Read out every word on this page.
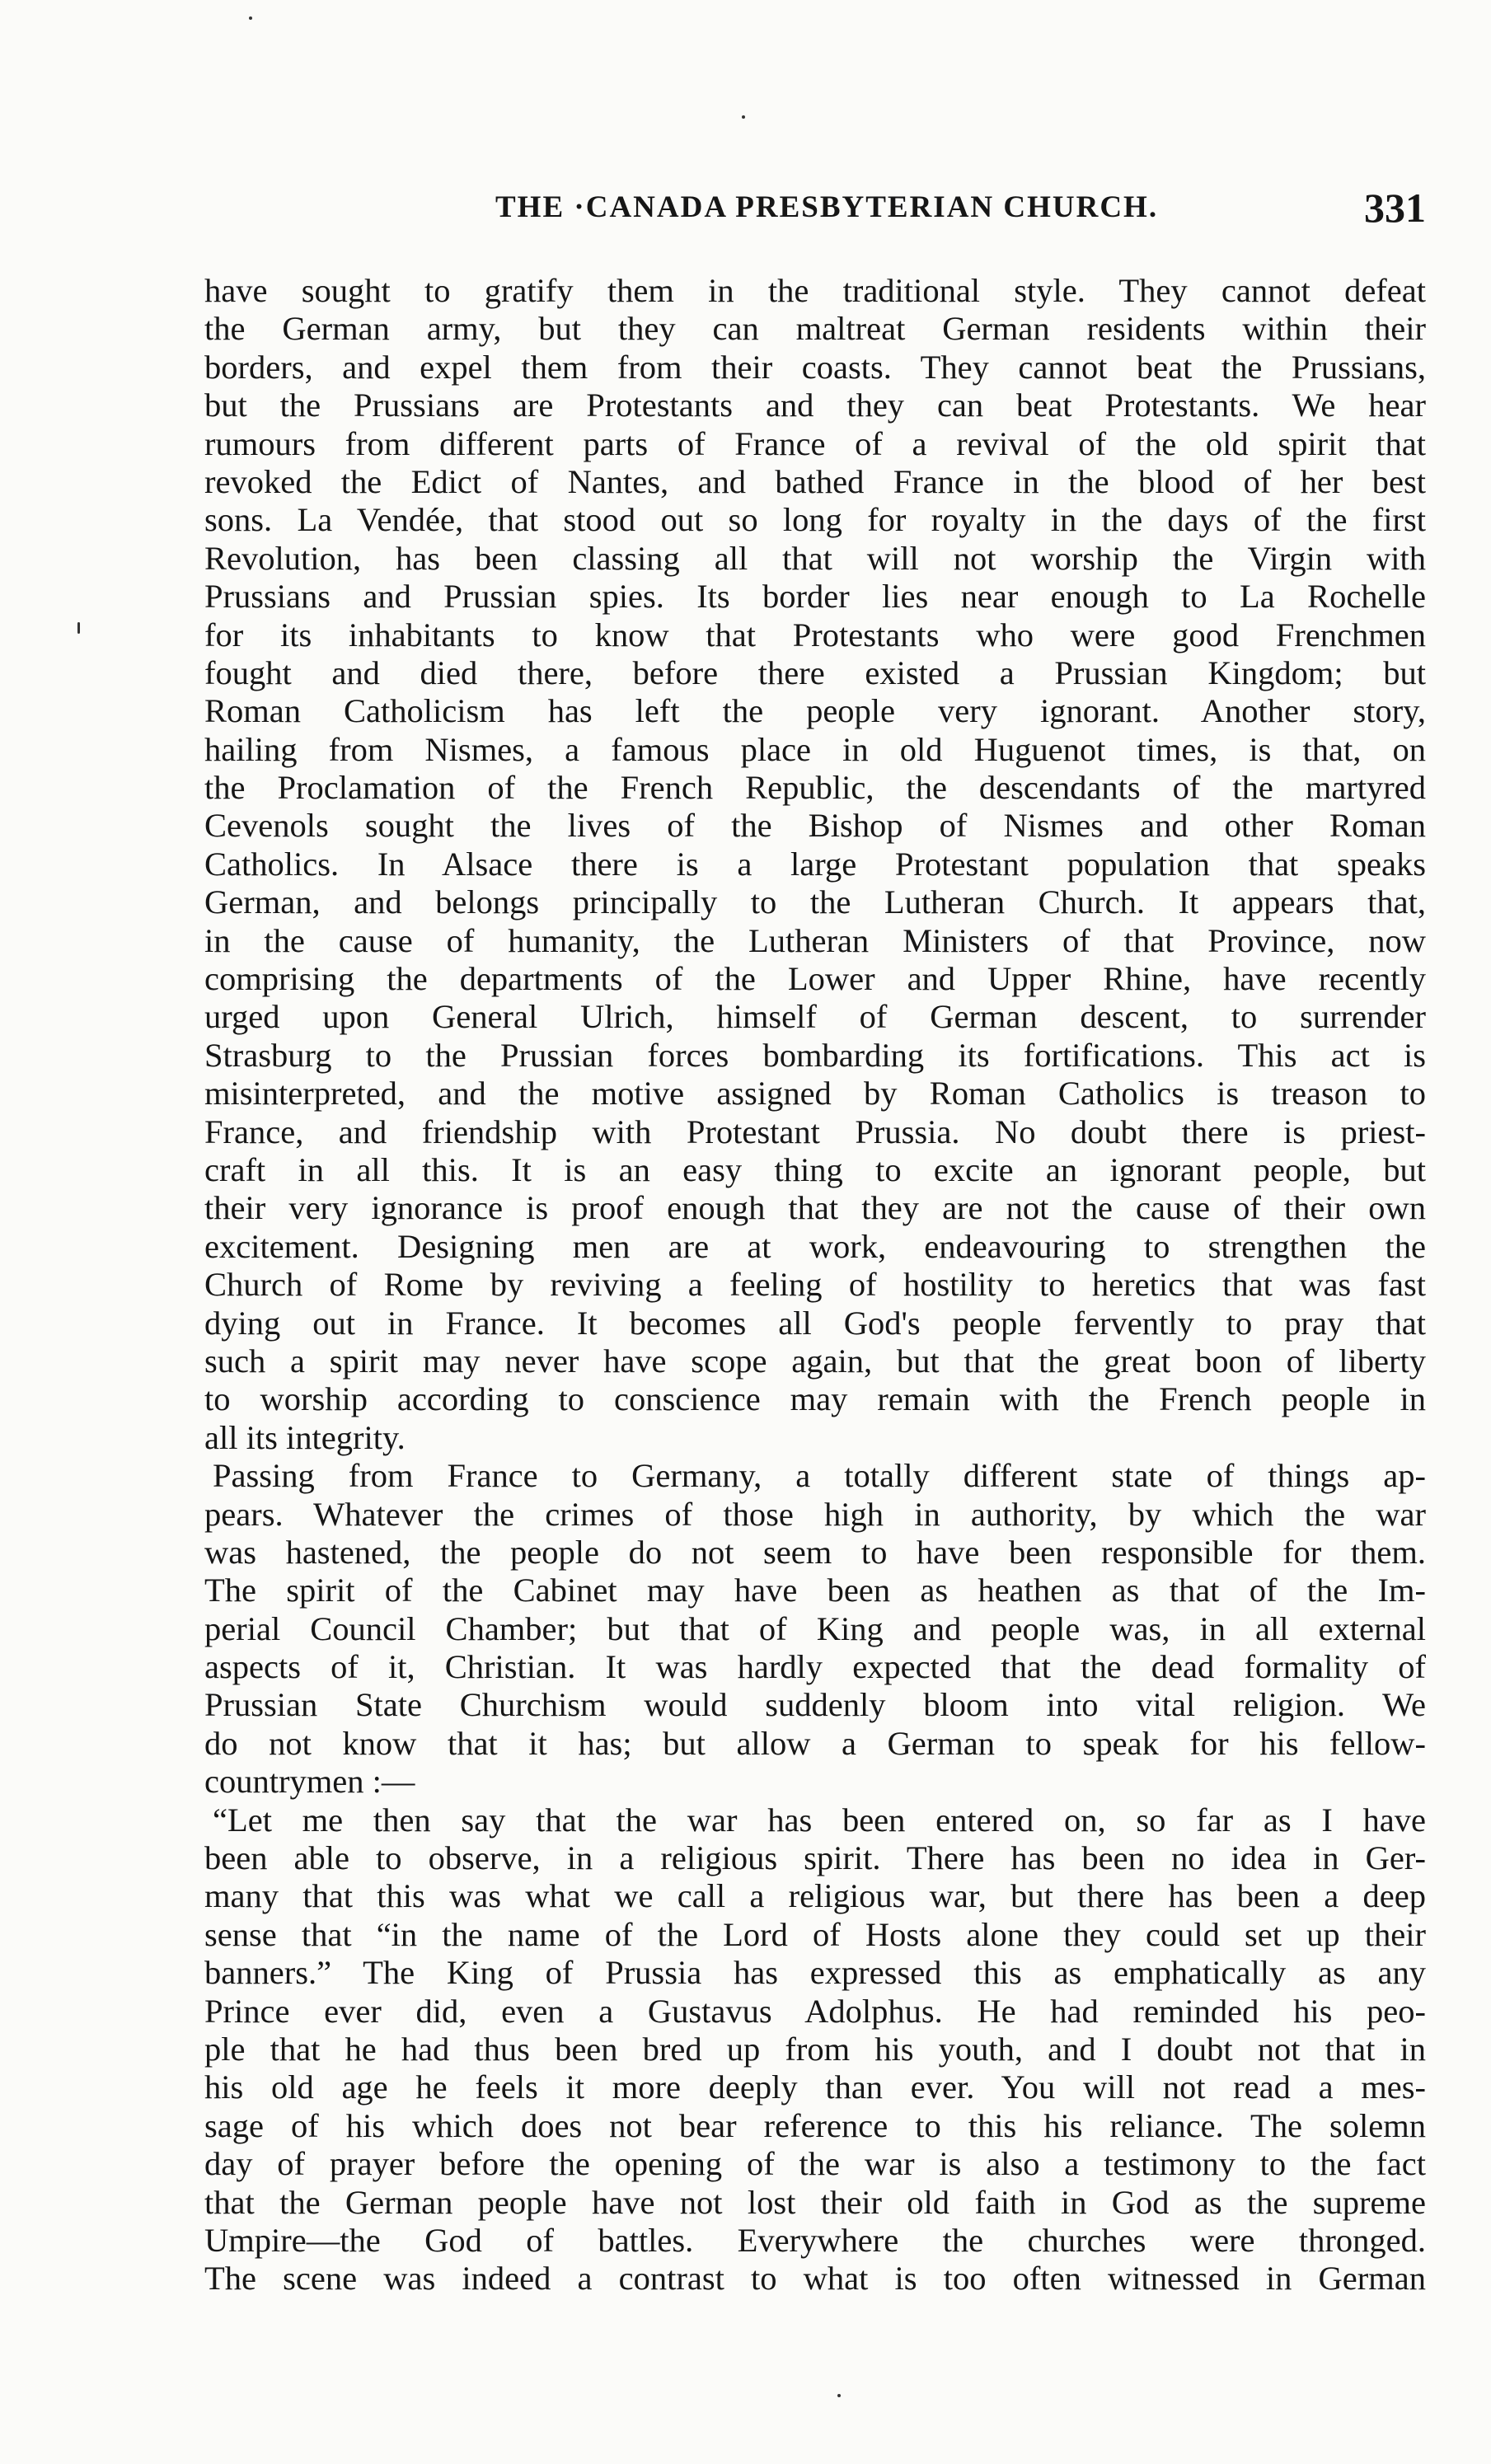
THE ·CANADA PRESBYTERIAN CHURCH.	331
have sought to gratify them in the traditional style. They cannot defeat
the German army, but they can maltreat German residents within their
borders, and expel them from their coasts. They cannot beat the Prussians,
but the Prussians are Protestants and they can beat Protestants. We hear
rumours from different parts of France of a revival of the old spirit that
revoked the Edict of Nantes, and bathed France in the blood of her best
sons. La Vendée, that stood out so long for royalty in the days of the first
Revolution, has been classing all that will not worship the Virgin with
Prussians and Prussian spies. Its border lies near enough to La Rochelle
for its inhabitants to know that Protestants who were good Frenchmen
fought and died there, before there existed a Prussian Kingdom; but
Roman Catholicism has left the people very ignorant. Another story,
hailing from Nismes, a famous place in old Huguenot times, is that, on
the Proclamation of the French Republic, the descendants of the martyred
Cevenols sought the lives of the Bishop of Nismes and other Roman
Catholics. In Alsace there is a large Protestant population that speaks
German, and belongs principally to the Lutheran Church. It appears that,
in the cause of humanity, the Lutheran Ministers of that Province, now
comprising the departments of the Lower and Upper Rhine, have recently
urged upon General Ulrich, himself of German descent, to surrender
Strasburg to the Prussian forces bombarding its fortifications. This act is
misinterpreted, and the motive assigned by Roman Catholics is treason to
France, and friendship with Protestant Prussia. No doubt there is priest-
craft in all this. It is an easy thing to excite an ignorant people, but
their very ignorance is proof enough that they are not the cause of their own
excitement. Designing men are at work, endeavouring to strengthen the
Church of Rome by reviving a feeling of hostility to heretics that was fast
dying out in France. It becomes all God's people fervently to pray that
such a spirit may never have scope again, but that the great boon of liberty
to worship according to conscience may remain with the French people in
all its integrity.
Passing from France to Germany, a totally different state of things ap-
pears. Whatever the crimes of those high in authority, by which the war
was hastened, the people do not seem to have been responsible for them.
The spirit of the Cabinet may have been as heathen as that of the Im-
perial Council Chamber; but that of King and people was, in all external
aspects of it, Christian. It was hardly expected that the dead formality of
Prussian State Churchism would suddenly bloom into vital religion. We
do not know that it has; but allow a German to speak for his fellow-
countrymen :—
“Let me then say that the war has been entered on, so far as I have
been able to observe, in a religious spirit. There has been no idea in Ger-
many that this was what we call a religious war, but there has been a deep
sense that “in the name of the Lord of Hosts alone they could set up their
banners.” The King of Prussia has expressed this as emphatically as any
Prince ever did, even a Gustavus Adolphus. He had reminded his peo-
ple that he had thus been bred up from his youth, and I doubt not that in
his old age he feels it more deeply than ever. You will not read a mes-
sage of his which does not bear reference to this his reliance. The solemn
day of prayer before the opening of the war is also a testimony to the fact
that the German people have not lost their old faith in God as the supreme
Umpire—the God of battles. Everywhere the churches were thronged.
The scene was indeed a contrast to what is too often witnessed in German
